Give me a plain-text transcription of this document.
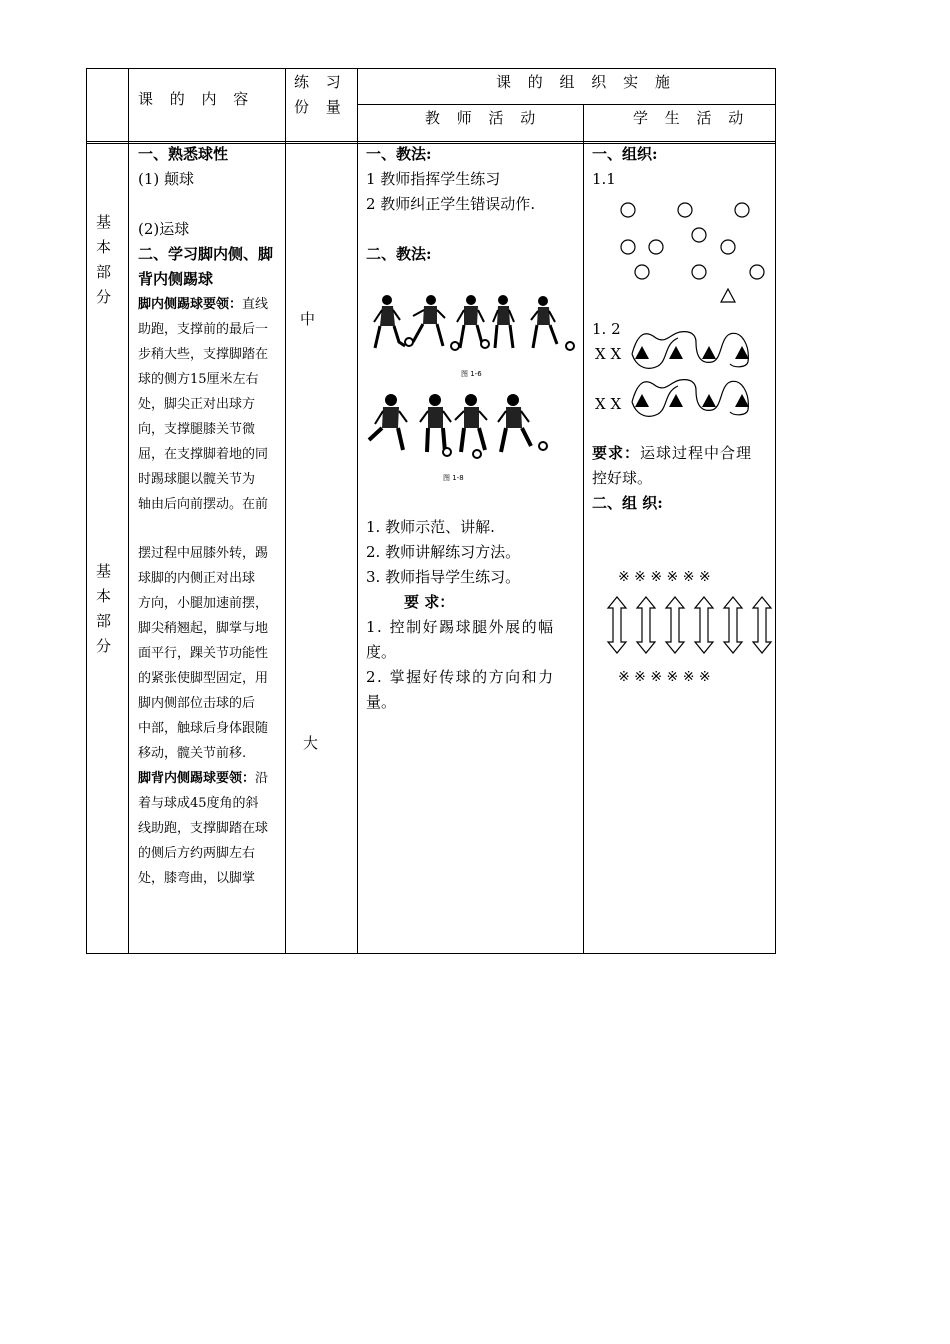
课 的 内 容
练 习
份 量
课 的 组 织 实 施
教 师 活 动	学 生 活 动
基
本
部
分
基
本
部
分
一、熟悉球性
(1) 颠球
(2)运球
二、学习脚内侧、脚
背内侧踢球

脚内侧踢球要领：直线

助跑，支撑前的最后一

步稍大些，支撑脚踏在

球的侧方15厘米左右

处，脚尖正对出球方

向，支撑腿膝关节微

屈，在支撑脚着地的同

时踢球腿以髋关节为

轴由后向前摆动。在前

摆过程中屈膝外转，踢

球脚的内侧正对出球

方向，小腿加速前摆，

脚尖稍翘起，脚掌与地

面平行，踝关节功能性

的紧张使脚型固定，用

脚内侧部位击球的后

中部，触球后身体跟随

移动，髋关节前移.

脚背内侧踢球要领：沿

着与球成45度角的斜

线助跑，支撑脚踏在球

的侧后方约两脚左右

处，膝弯曲，以脚掌

中
大
一、教法:
1 教师指挥学生练习
2 教师纠正学生错误动作.
二、教法:
图 1-6
图 1-8
1. 教师示范、讲解.
2. 教师讲解练习方法。
3. 教师指导学生练习。
要 求：
1. 控制好踢球腿外展的幅
度。
2. 掌握好传球的方向和力
量。
一、组织:
1.1
1. 2
X X
X X
要求：运球过程中合理
控好球。
二、组 织:
※ ※ ※ ※ ※ ※
※ ※ ※ ※ ※ ※
